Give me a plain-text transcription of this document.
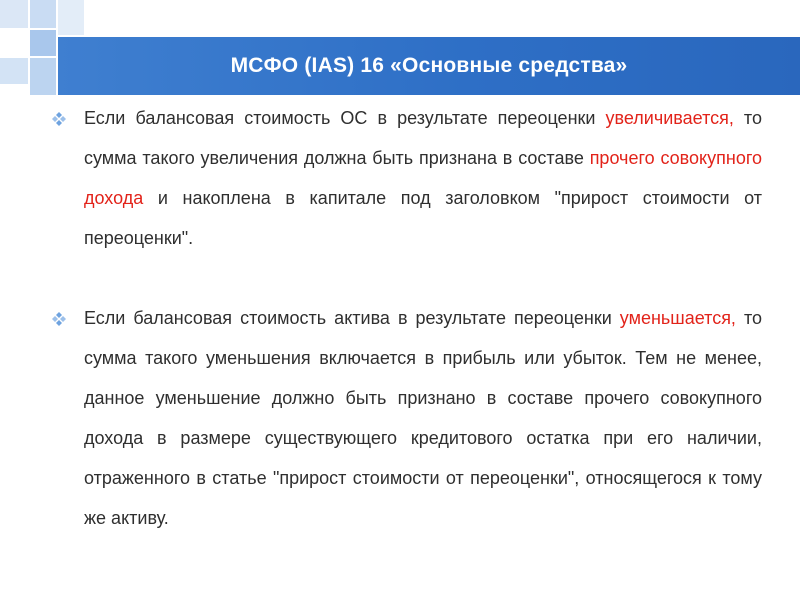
МСФО (IAS) 16 «Основные средства»
Если балансовая стоимость ОС в результате переоценки увеличивается, то сумма такого увеличения должна быть признана в составе прочего совокупного дохода и накоплена в капитале под заголовком "прирост стоимости от переоценки".
Если балансовая стоимость актива в результате переоценки уменьшается, то сумма такого уменьшения включается в прибыль или убыток. Тем не менее, данное уменьшение должно быть признано в составе прочего совокупного дохода в размере существующего кредитового остатка при его наличии, отраженного в статье "прирост стоимости от переоценки", относящегося к тому же активу.
